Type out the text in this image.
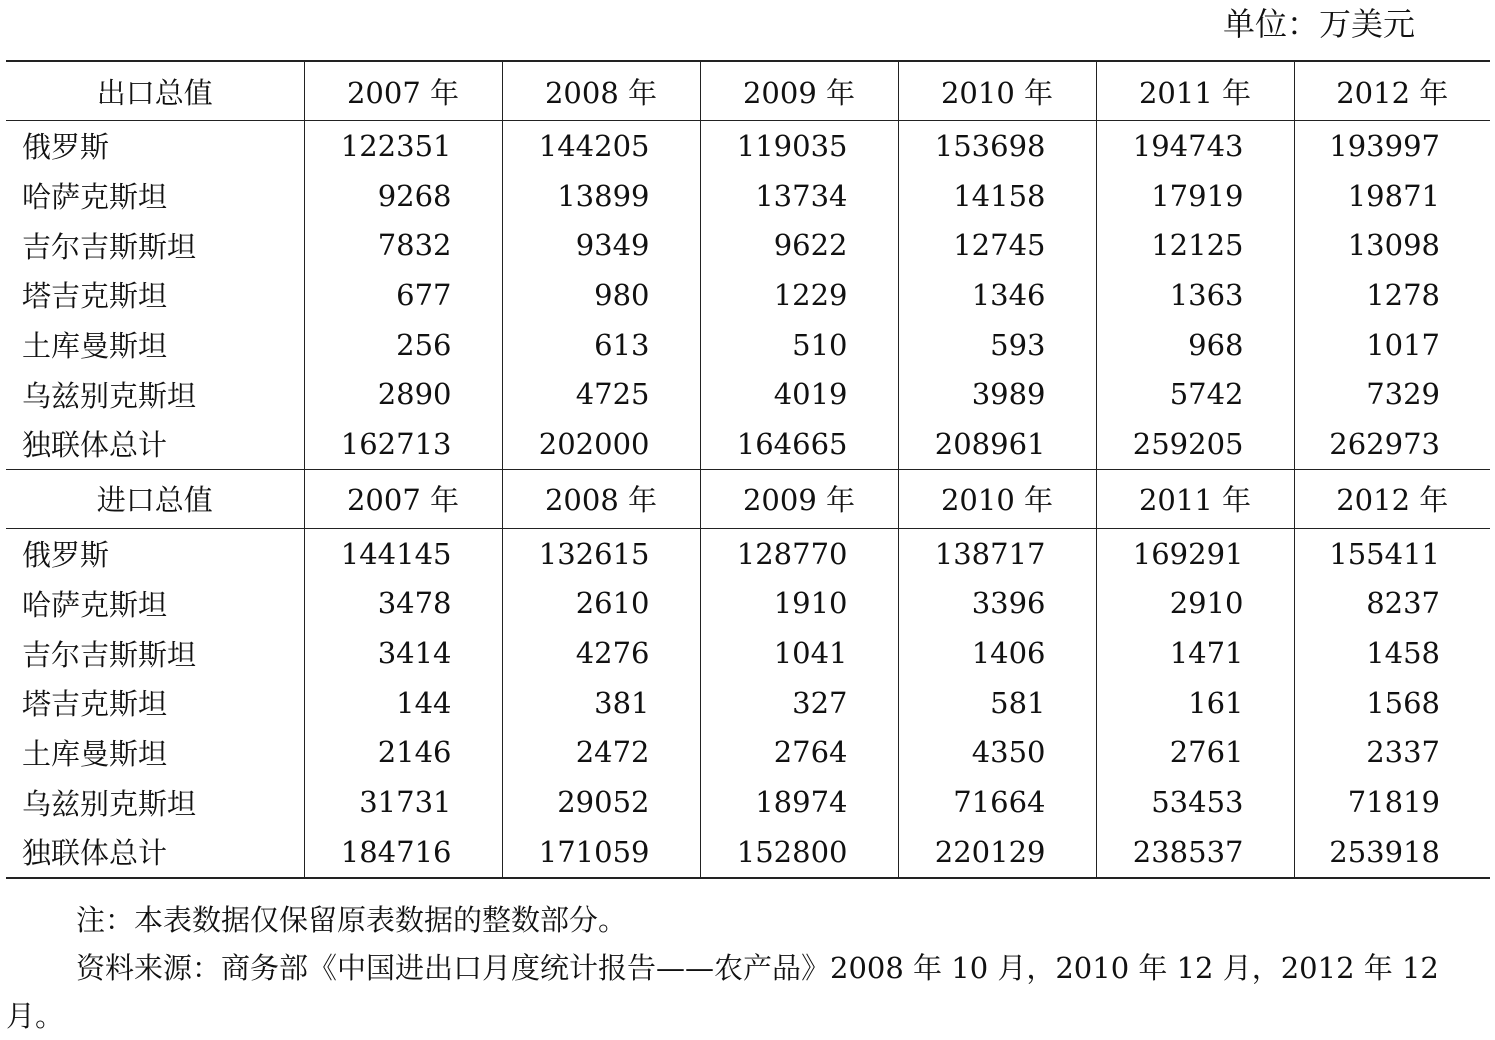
单位：万美元
出口总值	2007 年	2008 年	2009 年	2010 年	2011 年	2012 年
俄罗斯	122351	144205	119035	153698	194743	193997
哈萨克斯坦	9268	13899	13734	14158	17919	19871
吉尔吉斯斯坦	7832	9349	9622	12745	12125	13098
塔吉克斯坦	677	980	1229	1346	1363	1278
土库曼斯坦	256	613	510	593	968	1017
乌兹别克斯坦	2890	4725	4019	3989	5742	7329
独联体总计	162713	202000	164665	208961	259205	262973
进口总值	2007 年	2008 年	2009 年	2010 年	2011 年	2012 年
俄罗斯	144145	132615	128770	138717	169291	155411
哈萨克斯坦	3478	2610	1910	3396	2910	8237
吉尔吉斯斯坦	3414	4276	1041	1406	1471	1458
塔吉克斯坦	144	381	327	581	161	1568
土库曼斯坦	2146	2472	2764	4350	2761	2337
乌兹别克斯坦	31731	29052	18974	71664	53453	71819
独联体总计	184716	171059	152800	220129	238537	253918
注：本表数据仅保留原表数据的整数部分。
资料来源：商务部《中国进出口月度统计报告——农产品》2008 年 10 月，2010 年 12 月，2012 年 12 月。
